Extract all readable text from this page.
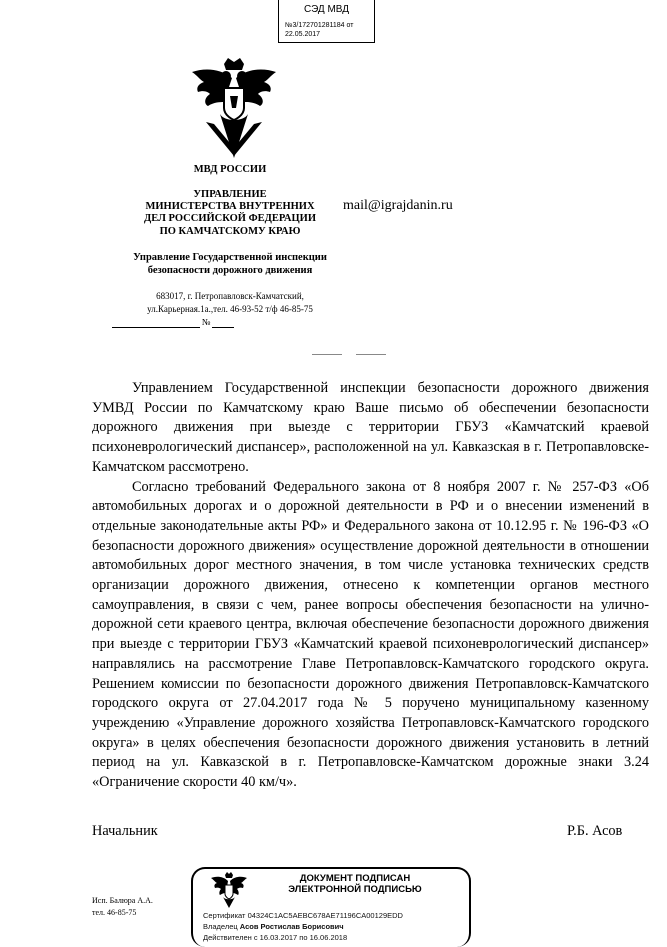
СЭД МВД
№3/172701281184 от
22.05.2017
МВД РОССИИ
УПРАВЛЕНИЕ
МИНИСТЕРСТВА ВНУТРЕННИХ
ДЕЛ РОССИЙСКОЙ ФЕДЕРАЦИИ
ПО КАМЧАТСКОМУ КРАЮ
Управление Государственной инспекции
безопасности дорожного движения
683017, г. Петропавловск-Камчатский,
ул.Карьерная.1а.,тел. 46-93-52 т/ф 46-85-75
№
mail@igrajdanin.ru

Управлением Государственной инспекции безопасности дорожного движения УМВД России по Камчатскому краю Ваше письмо об обеспечении безопасности дорожного движения при выезде с территории ГБУЗ «Камчатский краевой психоневрологический диспансер», расположенной на ул. Кавказская в г. Петропавловске-Камчатском рассмотрено.

Согласно требований Федерального закона от 8 ноября 2007 г. № 257-ФЗ «Об автомобильных дорогах и о дорожной деятельности в РФ и о внесении изменений в отдельные законодательные акты РФ» и Федерального закона от 10.12.95 г. № 196-ФЗ «О безопасности дорожного движения» осуществление дорожной деятельности в отношении автомобильных дорог местного значения, в том числе установка технических средств организации дорожного движения, отнесено к компетенции органов местного самоуправления, в связи с чем, ранее вопросы обеспечения безопасности на улично-дорожной сети краевого центра, включая обеспечение безопасности дорожного движения при выезде с территории ГБУЗ «Камчатский краевой психоневрологический диспансер» направлялись на рассмотрение Главе Петропавловск-Камчатского городского округа. Решением комиссии по безопасности дорожного движения Петропавловск-Камчатского городского округа от 27.04.2017 года № 5 поручено муниципальному казенному учреждению «Управление дорожного хозяйства Петропавловск-Камчатского городского округа» в целях обеспечения безопасности дорожного движения установить в летний период на ул. Кавказской в г. Петропавловске-Камчатском дорожные знаки 3.24 «Ограничение скорости 40 км/ч».

Начальник	Р.Б. Асов
Исп. Балюра А.А.
тел. 46-85-75
ДОКУМЕНТ ПОДПИСАН
ЭЛЕКТРОННОЙ ПОДПИСЬЮ
Сертификат 04324C1AC5AEBC678AE71196CA00129EDD
Владелец Асов Ростислав Борисович
Действителен с 16.03.2017 по 16.06.2018
